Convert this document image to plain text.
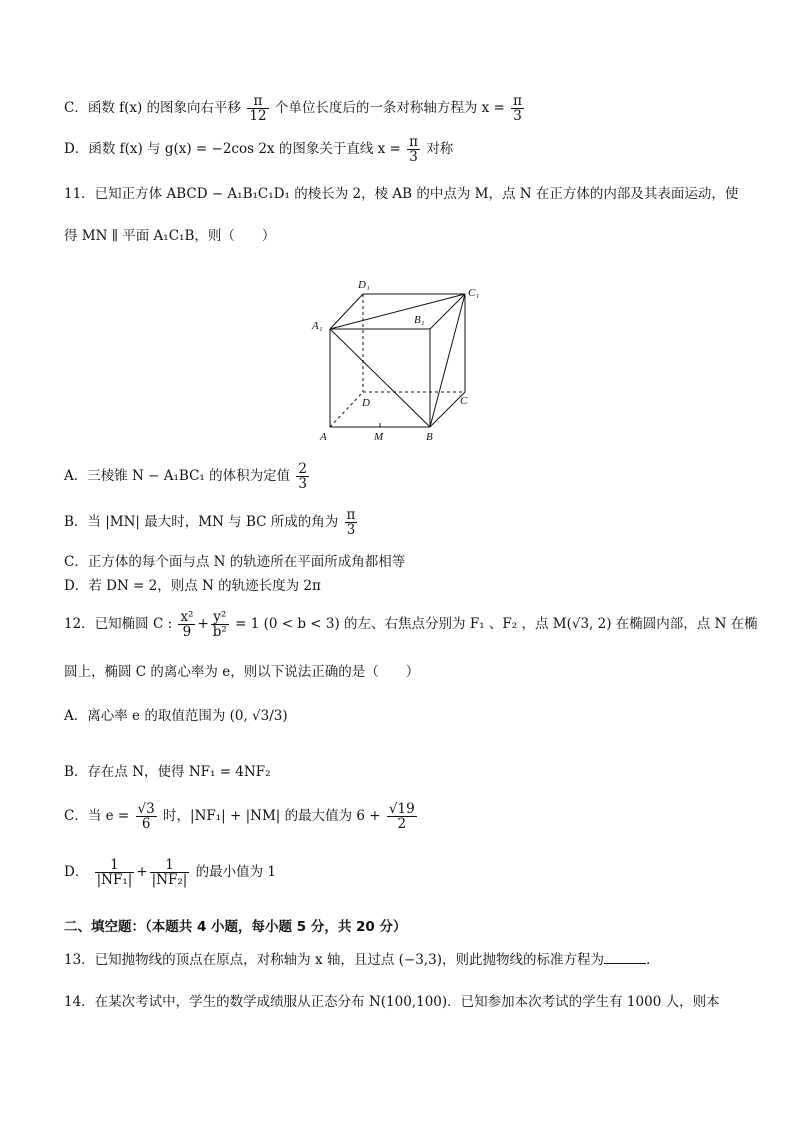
C．函数 f(x) 的图象向右平移 $\frac{\pi}{12}$ 个单位长度后的一条对称轴方程为 $x = \frac{\pi}{3}$
D．函数 f(x) 与 g(x) = −2cos 2x 的图象关于直线 $x = \frac{\pi}{3}$ 对称
11．已知正方体 ABCD − A₁B₁C₁D₁ 的棱长为 2，棱 AB 的中点为 M，点 N 在正方体的内部及其表面运动，使
得 MN ∥ 平面 A₁C₁B，则（　　）
D₁
C₁
A₁	B₁
D	C
A	M	B
A．三棱锥 N − A₁BC₁ 的体积为定值 $\frac{2}{3}$
B．当 |MN| 最大时，MN 与 BC 所成的角为 $\frac{\pi}{3}$
C．正方体的每个面与点 N 的轨迹所在平面所成角都相等
D．若 DN = 2，则点 N 的轨迹长度为 2π
12．已知椭圆 C : $\frac{\text{x²}}{9} + \frac{\text{y²}}{\text{b²}} = 1$ (0 < b < 3) 的左、右焦点分别为 F₁ 、F₂ ，点 M(√3, 2) 在椭圆内部，点 N 在椭
圆上，椭圆 C 的离心率为 e，则以下说法正确的是（　　）
A．离心率 e 的取值范围为 (0, √3/3)
B．存在点 N，使得 NF₁ = 4NF₂
C．当 $e = \frac{√3}{6}$ 时，|NF₁| + |NM| 的最大值为 $6 + \frac{√19}{2}$
D． $\frac{1}{\text{|NF₁|}} + \frac{1}{\text{|NF₂|}}$ 的最小值为 1
二、填空题：（本题共 4 小题，每小题 5 分，共 20 分）
13．已知抛物线的顶点在原点，对称轴为 x 轴，且过点 (−3,3)，则此抛物线的标准方程为	.
14．在某次考试中，学生的数学成绩服从正态分布 N(100,100)．已知参加本次考试的学生有 1000 人，则本
